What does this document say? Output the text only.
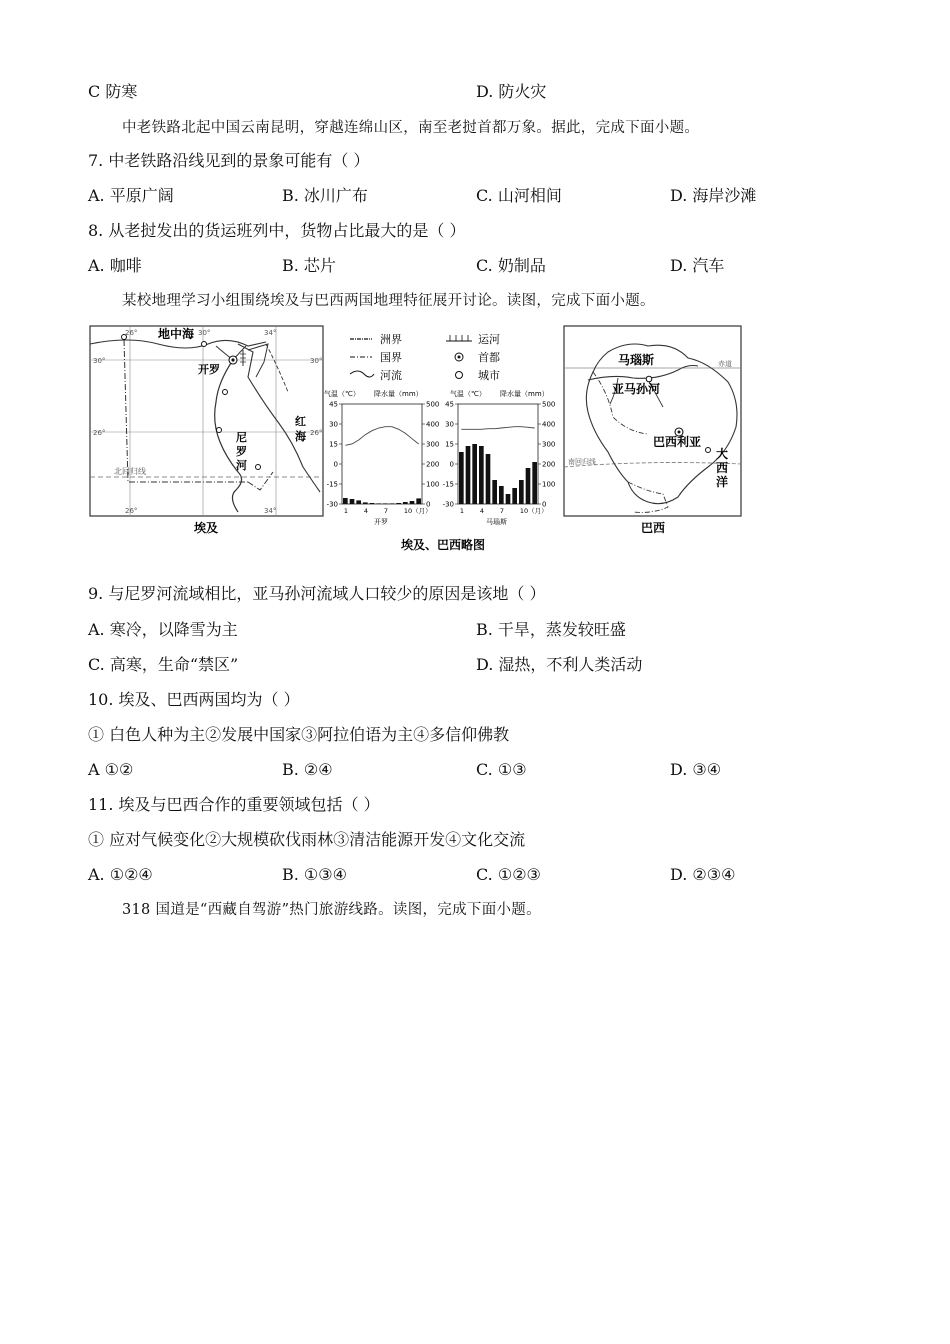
C 防寒	D. 防火灾
中老铁路北起中国云南昆明，穿越连绵山区，南至老挝首都万象。据此，完成下面小题。
7. 中老铁路沿线见到的景象可能有（ ）
A. 平原广阔	B. 冰川广布	C. 山河相间	D. 海岸沙滩
8. 从老挝发出的货运班列中，货物占比最大的是（ ）
A. 咖啡	B. 芯片	C. 奶制品	D. 汽车
某校地理学习小组围绕埃及与巴西两国地理特征展开讨论。读图，完成下面小题。
地中海
开罗
尼
罗
河
红
海
北回归线
26°	30°	34°
26°	34°
30°	30°
26°	26°
埃及
洲界
国界
河流
运河
首都
城市
气温（℃） 降水量（mm）
45
30
15
0
-15
-30
500
400
300
200
100
0
1 4 7 10（月）
开罗
气温（℃） 降水量（mm）
45
30
15
0
-15
-30
500
400
300
200
100
0
1 4 7 10（月）
马瑙斯
马瑙斯
亚马孙河
巴西利亚
大
西
洋
赤道
南回归线
巴西
埃及、巴西略图
9. 与尼罗河流域相比，亚马孙河流域人口较少的原因是该地（ ）
A. 寒冷，以降雪为主	B. 干旱，蒸发较旺盛
C. 高寒，生命“禁区”	D. 湿热，不利人类活动
10. 埃及、巴西两国均为（ ）
① 白色人种为主②发展中国家③阿拉伯语为主④多信仰佛教
A ①②	B. ②④	C. ①③	D. ③④
11. 埃及与巴西合作的重要领域包括（ ）
① 应对气候变化②大规模砍伐雨林③清洁能源开发④文化交流
A. ①②④	B. ①③④	C. ①②③	D. ②③④
318 国道是“西藏自驾游”热门旅游线路。读图，完成下面小题。
